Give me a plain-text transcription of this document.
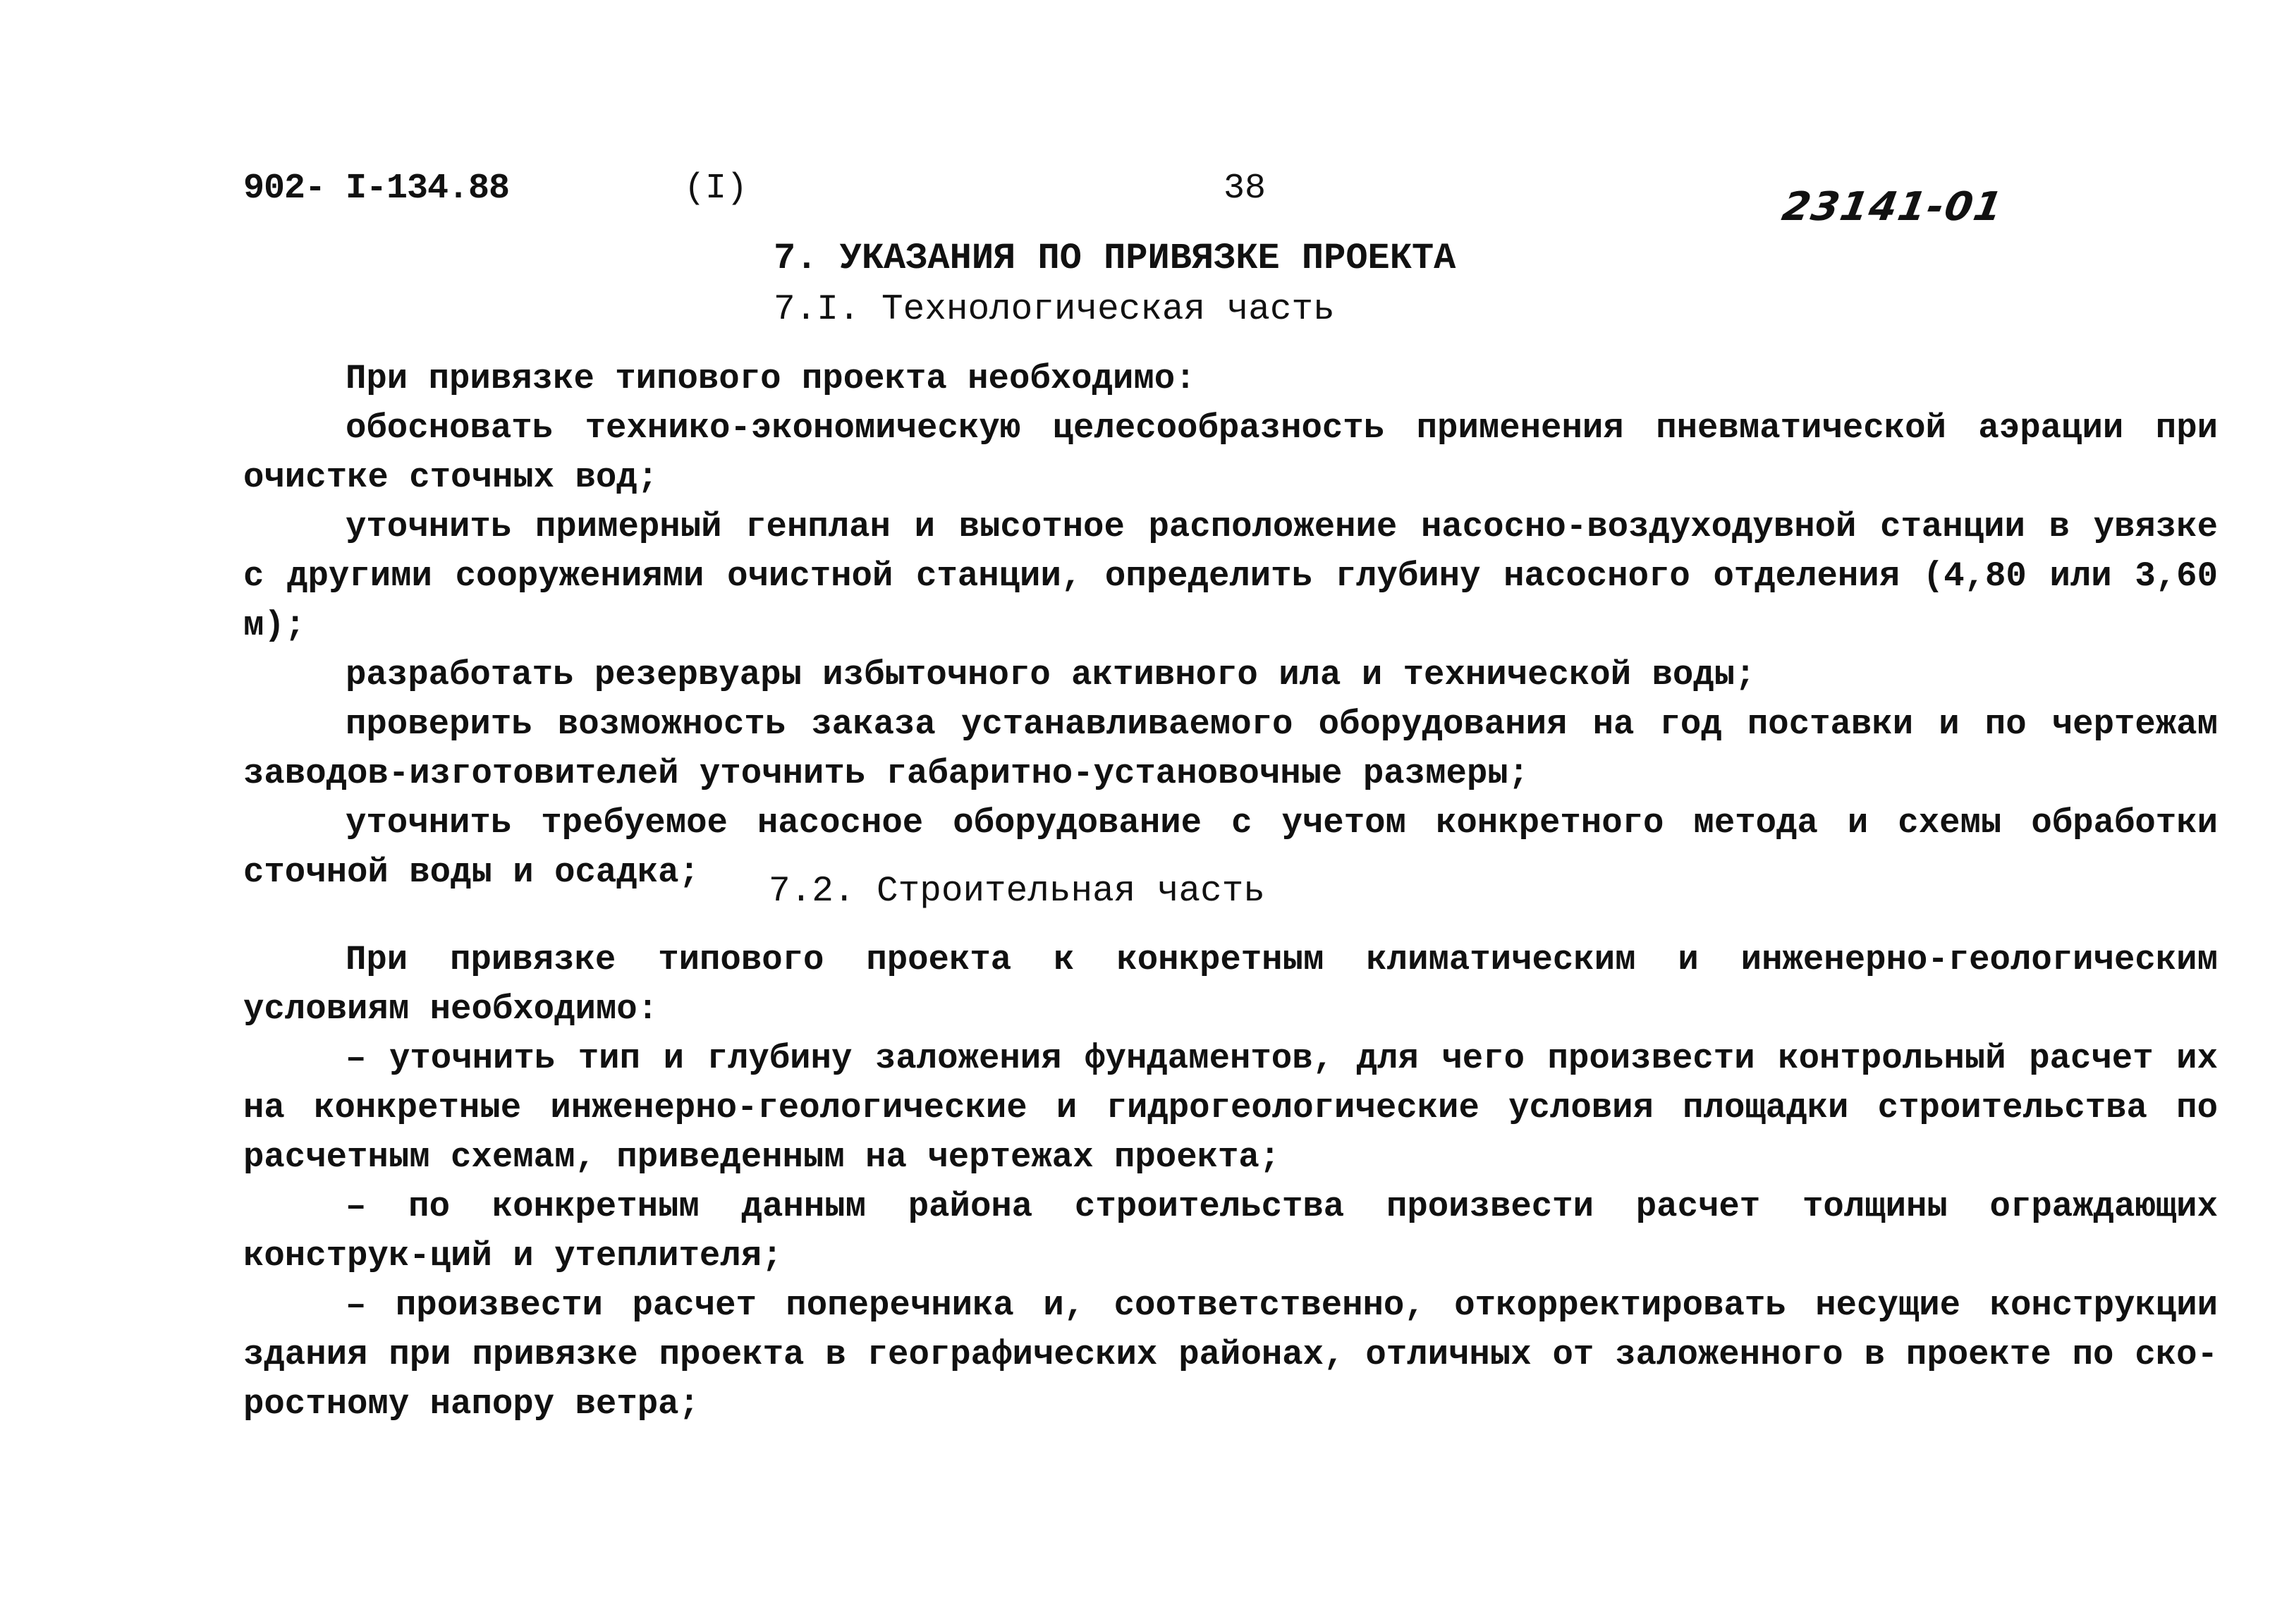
902- I-134.88	(I)	38	23141-01
7. УКАЗАНИЯ ПО ПРИВЯЗКЕ ПРОЕКТА
7.I. Технологическая часть

При привязке типового проекта необходимо:

обосновать технико-экономическую целесообразность применения пневматической аэрации при очистке сточных вод;

уточнить примерный генплан и высотное расположение насосно-воздуходувной станции в увязке с другими сооружениями очистной станции, определить глубину насосного отделения (4,80 или 3,60 м);

разработать резервуары избыточного активного ила и технической воды;

проверить возможность заказа устанавливаемого оборудования на год поставки и по чертежам заводов-изготовителей уточнить габаритно-установочные размеры;

уточнить требуемое насосное оборудование с учетом конкретного метода и схемы обработки сточной воды и осадка;	7.2. Строительная часть

При привязке типового проекта к конкретным климатическим и инженерно-геологическим условиям необходимо:

– уточнить тип и глубину заложения фундаментов, для чего произвести контрольный расчет их на конкретные инженерно-геологические и гидрогеологические условия площадки строительства по расчетным схемам, приведенным на чертежах проекта;

– по конкретным данным района строительства произвести расчет толщины ограждающих конструк-ций и утеплителя;

– произвести расчет поперечника и, соответственно, откорректировать несущие конструкции здания при привязке проекта в географических районах, отличных от заложенного в проекте по ско-ростному напору ветра;
